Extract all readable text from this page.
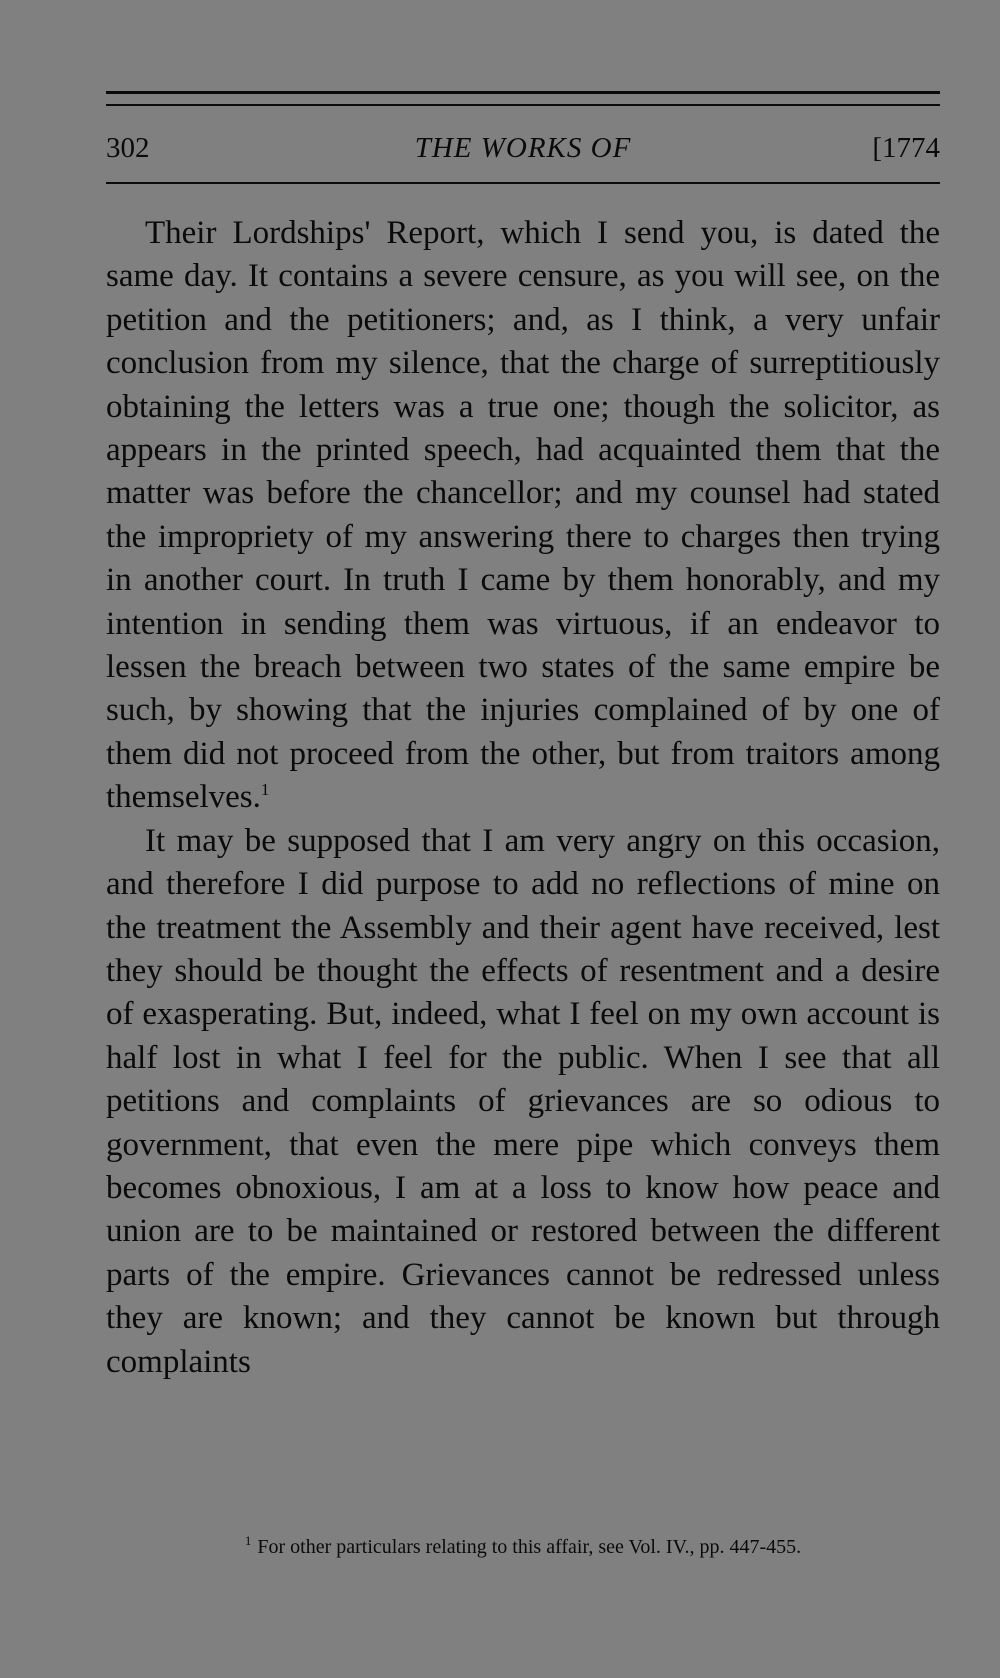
302	THE WORKS OF	[1774

Their Lordships' Report, which I send you, is dated the same day. It contains a severe censure, as you will see, on the petition and the petitioners; and, as I think, a very unfair conclusion from my silence, that the charge of surreptitiously obtaining the letters was a true one; though the solicitor, as appears in the printed speech, had acquainted them that the matter was before the chancellor; and my counsel had stated the impropriety of my answering there to charges then trying in another court. In truth I came by them honorably, and my intention in sending them was virtuous, if an endeavor to lessen the breach between two states of the same empire be such, by showing that the injuries complained of by one of them did not proceed from the other, but from traitors among themselves.$^1$

It may be supposed that I am very angry on this occasion, and therefore I did purpose to add no reflections of mine on the treatment the Assembly and their agent have received, lest they should be thought the effects of resentment and a desire of exasperating. But, indeed, what I feel on my own account is half lost in what I feel for the public. When I see that all petitions and complaints of grievances are so odious to government, that even the mere pipe which conveys them becomes obnoxious, I am at a loss to know how peace and union are to be maintained or restored between the different parts of the empire. Grievances cannot be redressed unless they are known; and they cannot be known but through complaints

$^1$ For other particulars relating to this affair, see Vol. IV., pp. 447-455.
